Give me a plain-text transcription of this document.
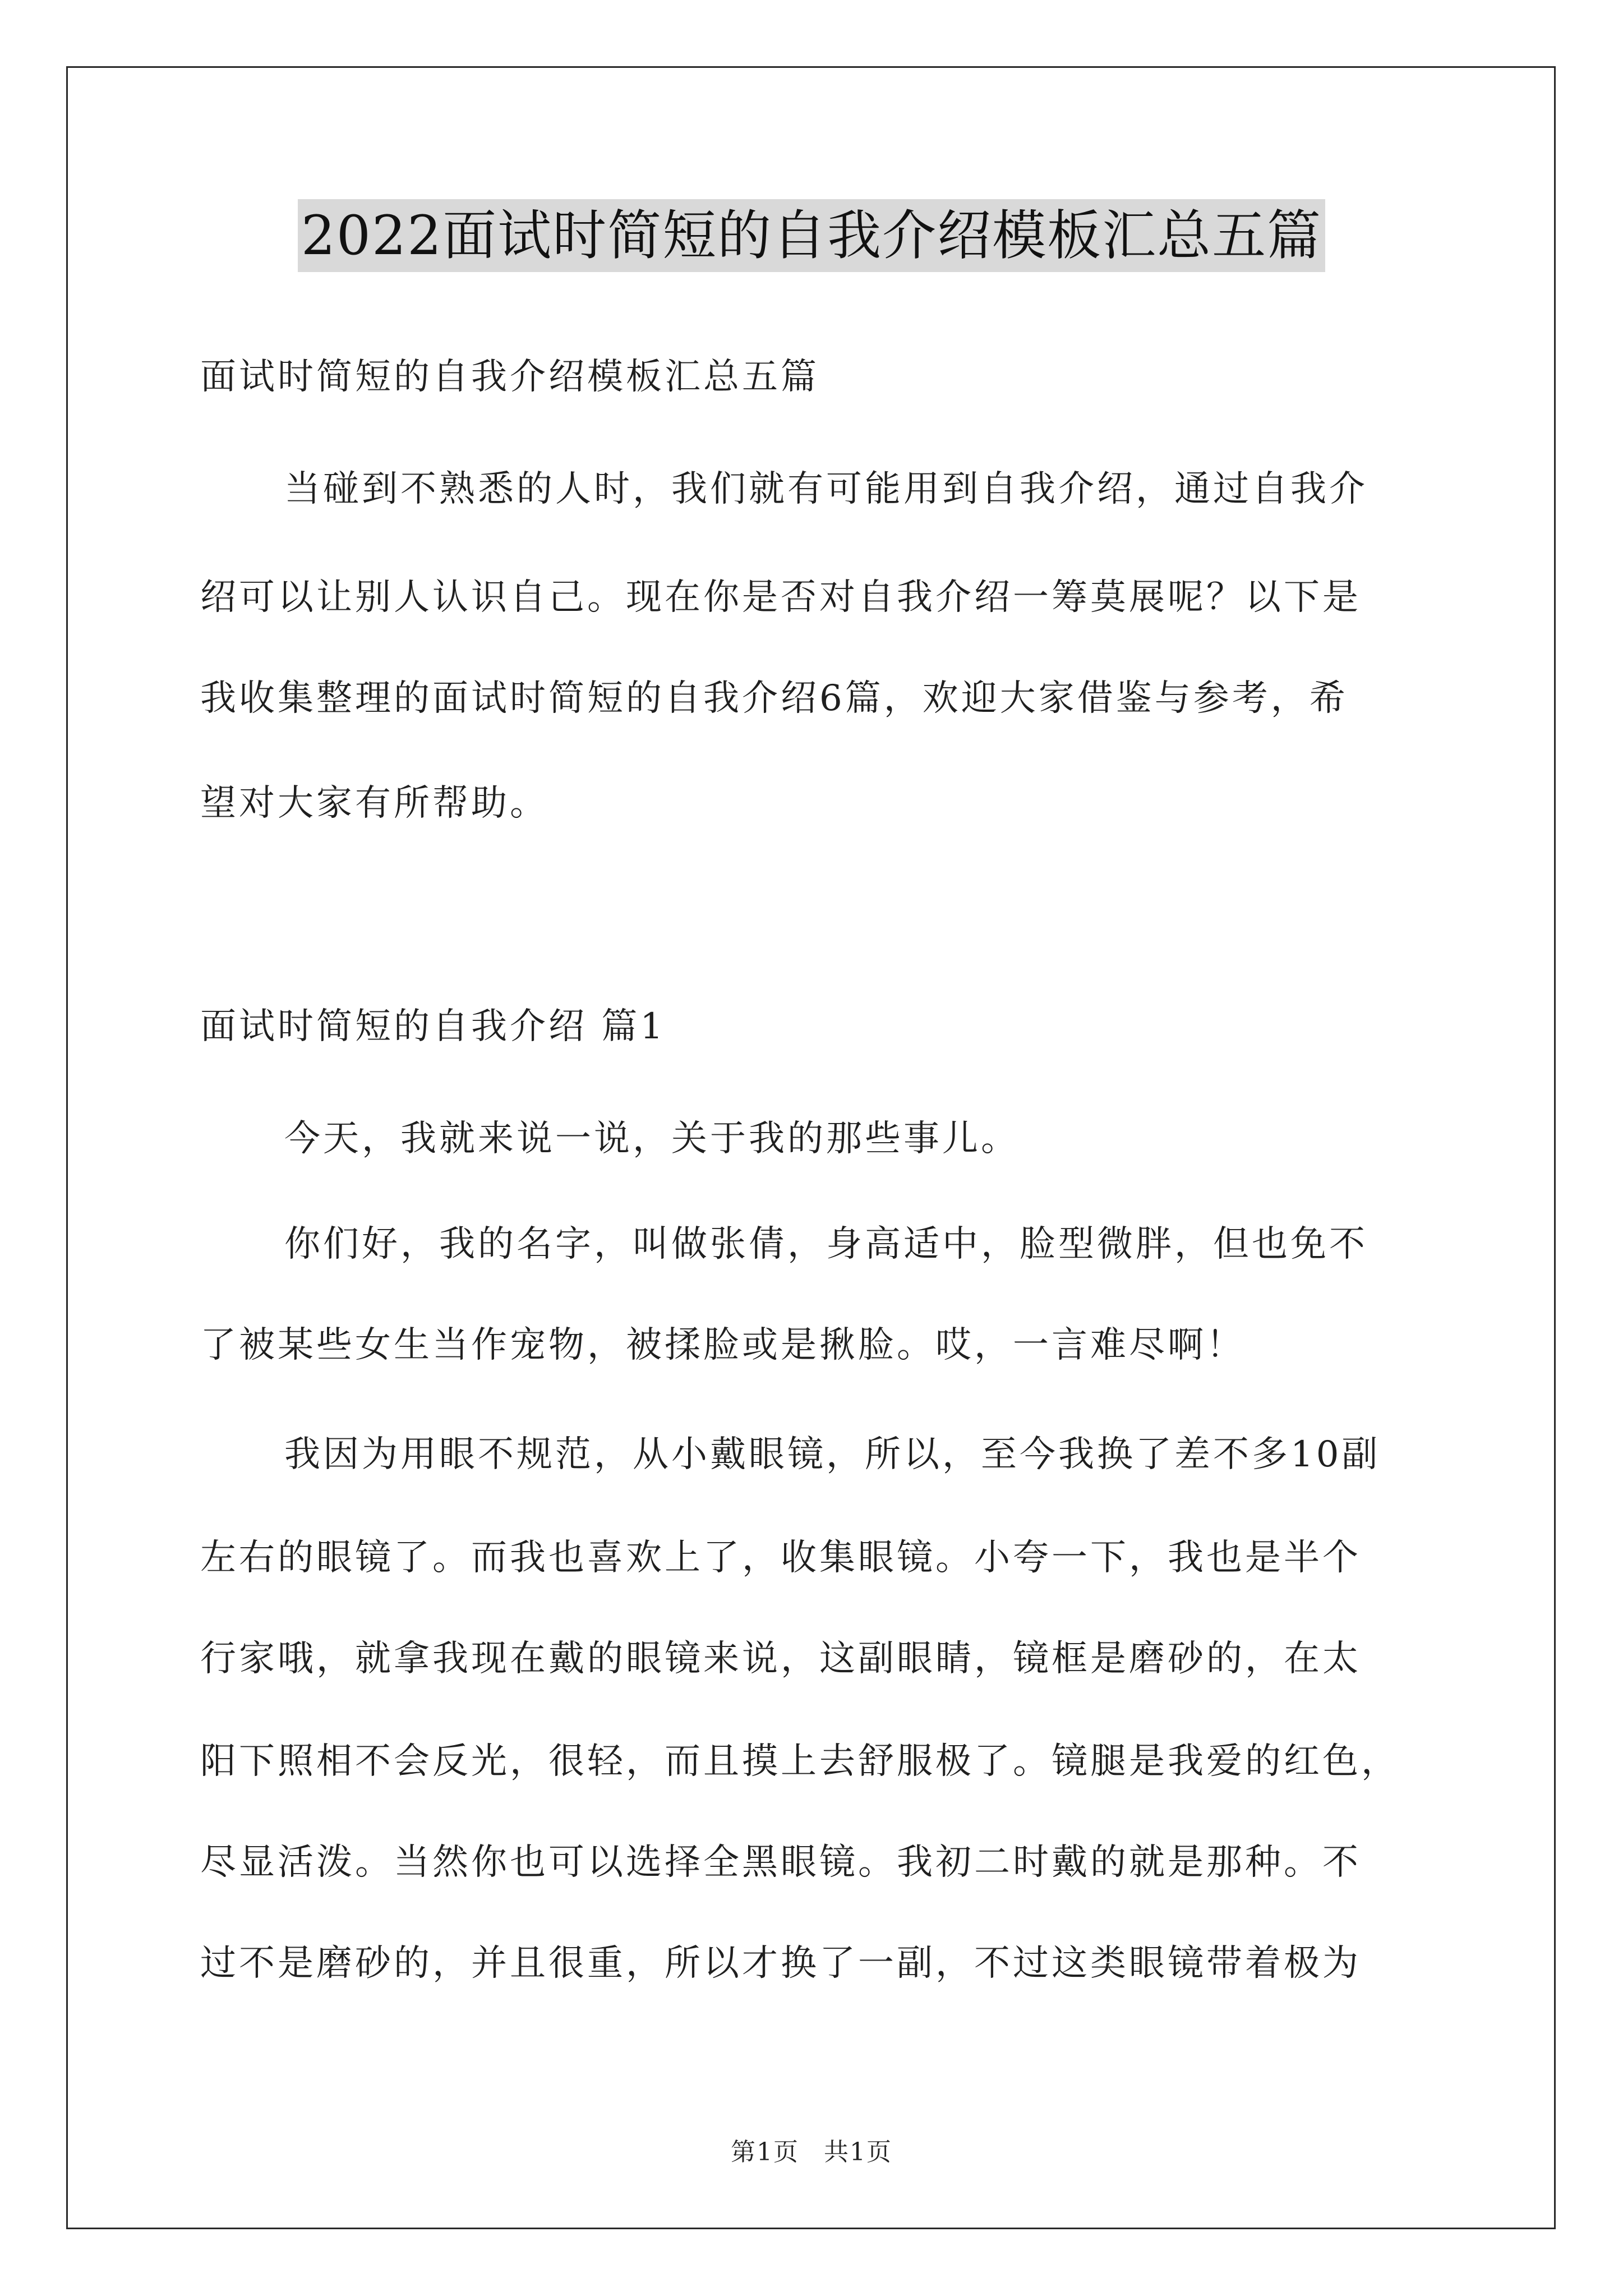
2022面试时简短的自我介绍模板汇总五篇
面试时简短的自我介绍模板汇总五篇
当碰到不熟悉的人时，我们就有可能用到自我介绍，通过自我介
绍可以让别人认识自己。现在你是否对自我介绍一筹莫展呢？以下是
我收集整理的面试时简短的自我介绍6篇，欢迎大家借鉴与参考，希
望对大家有所帮助。
面试时简短的自我介绍 篇1
今天，我就来说一说，关于我的那些事儿。
你们好，我的名字，叫做张倩，身高适中，脸型微胖，但也免不
了被某些女生当作宠物，被揉脸或是揪脸。哎，一言难尽啊！
我因为用眼不规范，从小戴眼镜，所以，至今我换了差不多10副
左右的眼镜了。而我也喜欢上了，收集眼镜。小夸一下，我也是半个
行家哦，就拿我现在戴的眼镜来说，这副眼睛，镜框是磨砂的，在太
阳下照相不会反光，很轻，而且摸上去舒服极了。镜腿是我爱的红色，
尽显活泼。当然你也可以选择全黑眼镜。我初二时戴的就是那种。不
过不是磨砂的，并且很重，所以才换了一副，不过这类眼镜带着极为
第1页 共1页
